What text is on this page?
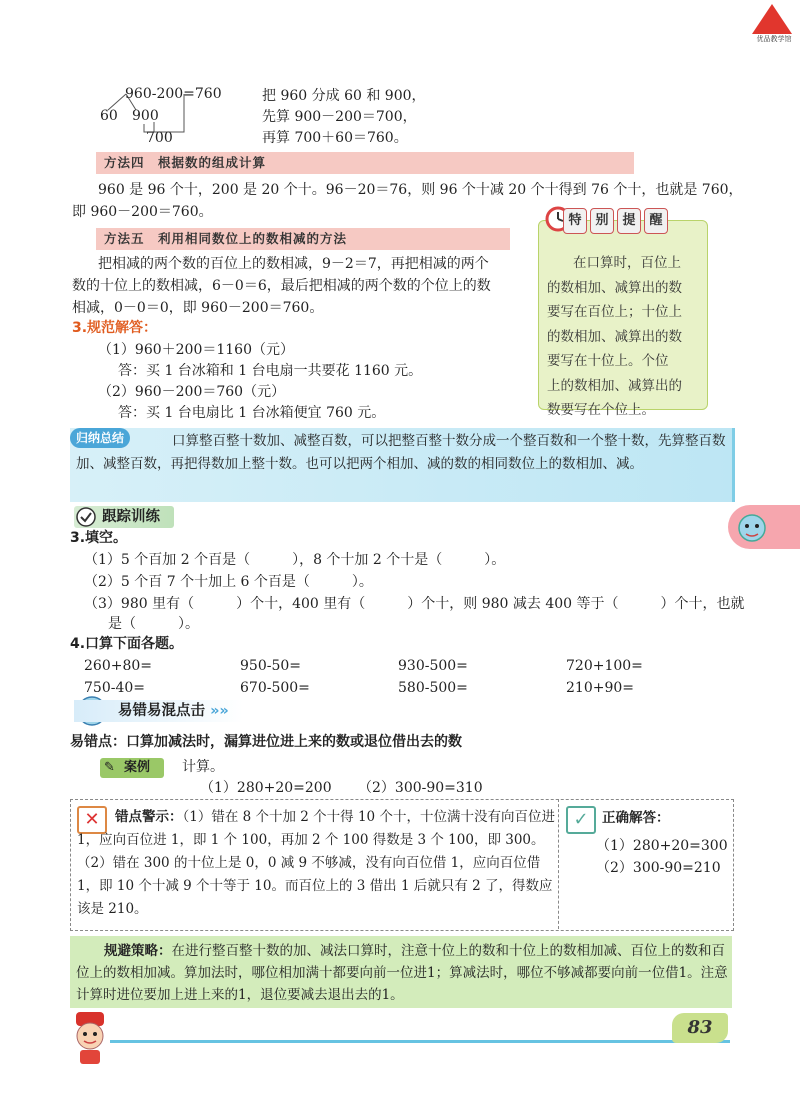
优品教学馆
960-200=760
60 900
700
把 960 分成 60 和 900，
先算 900－200＝700，
再算 700＋60＝760。
方法四　根据数的组成计算
960 是 96 个十，200 是 20 个十。96－20＝76，则 96 个十减 20 个十得到 76 个十，也就是 760，
即 960－200＝760。
方法五　利用相同数位上的数相减的方法
把相减的两个数的百位上的数相减，9－2＝7，再把相减的两个
数的十位上的数相减，6－0＝6，最后把相减的两个数的个位上的数
相减，0－0＝0，即 960－200＝760。
3.规范解答：
（1）960＋200＝1160（元）
答：买 1 台冰箱和 1 台电扇一共要花 1160 元。
（2）960－200＝760（元）
答：买 1 台电扇比 1 台冰箱便宜 760 元。
特	别	提	醒
在口算时，百位上
的数相加、减算出的数
要写在百位上；十位上
的数相加、减算出的数
要写在十位上。个位
上的数相加、减算出的
数要写在个位上。
口算整百整十数加、减整百数，可以把整百整十数分成一个整百数和一个整十数，先算整百数加、减整百数，再把得数加上整十数。也可以把两个相加、减的数的相同数位上的数相加、减。
归纳总结
跟踪训练
3.填空。
（1）5 个百加 2 个百是（　　　），8 个十加 2 个十是（　　　）。
（2）5 个百 7 个十加上 6 个百是（　　　）。
（3）980 里有（　　　）个十，400 里有（　　　）个十，则 980 减去 400 等于（　　　）个十，也就
是（　　　）。
4.口算下面各题。
260+80=	950-50=	930-500=	720+100=
750-40=	670-500=	580-500=	210+90=
易错易混点击 »»
易错点：口算加减法时，漏算进位进上来的数或退位借出去的数
✎ 案例 计算。
（1）280+20=200 （2）300-90=310
✕	错点警示：（1）错在 8 个十加 2 个十得 10 个十，十位满十没有向百位进 1，应向百位进 1，即 1 个 100，再加 2 个 100 得数是 3 个 100，即 300。（2）错在 300 的十位上是 0，0 减 9 不够减，没有向百位借 1，应向百位借 1，即 10 个十减 9 个十等于 10。而百位上的 3 借出 1 后就只有 2 了，得数应该是 210。
✓ 正确解答：
（1）280+20=300
（2）300-90=210
规避策略：在进行整百整十数的加、减法口算时，注意十位上的数和十位上的数相加减、百位上的数和百位上的数相加减。算加法时，哪位相加满十都要向前一位进1；算减法时，哪位不够减都要向前一位借1。注意计算时进位要加上进上来的1，退位要减去退出去的1。
83
